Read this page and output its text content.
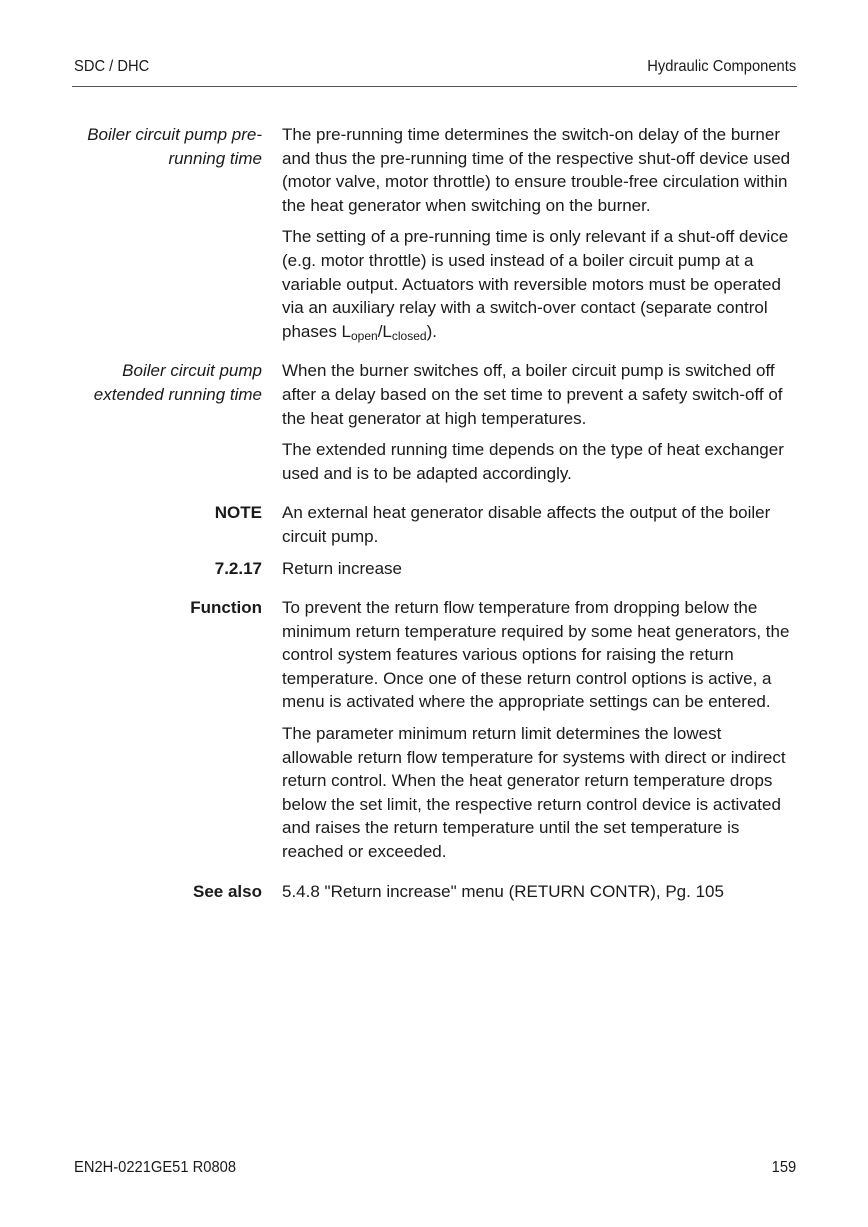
SDC / DHC	Hydraulic Components
Boiler circuit pump pre-running time

The pre-running time determines the switch-on delay of the burner and thus the pre-running time of the respective shut-off device used (motor valve, motor throttle) to ensure trouble-free circulation within the heat generator when switching on the burner.

The setting of a pre-running time is only relevant if a shut-off device (e.g. motor throttle) is used instead of a boiler circuit pump at a variable output. Actuators with reversible motors must be operated via an auxiliary relay with a switch-over contact (separate control phases $L_{open}/L_{closed}$).

Boiler circuit pump extended running time

When the burner switches off, a boiler circuit pump is switched off after a delay based on the set time to prevent a safety switch-off of the heat generator at high temperatures.

The extended running time depends on the type of heat exchanger used and is to be adapted accordingly.

NOTE An external heat generator disable affects the output of the boiler circuit pump.

7.2.17 Return increase
Function To prevent the return flow temperature from dropping below the minimum return temperature required by some heat generators, the control system features various options for raising the return temperature. Once one of these return control options is active, a menu is activated where the appropriate settings can be entered.

The parameter minimum return limit determines the lowest allowable return flow temperature for systems with direct or indirect return control. When the heat generator return temperature drops below the set limit, the respective return control device is activated and raises the return temperature until the set temperature is reached or exceeded.

See also 5.4.8 "Return increase" menu (RETURN CONTR), Pg. 105
EN2H-0221GE51 R0808	159
